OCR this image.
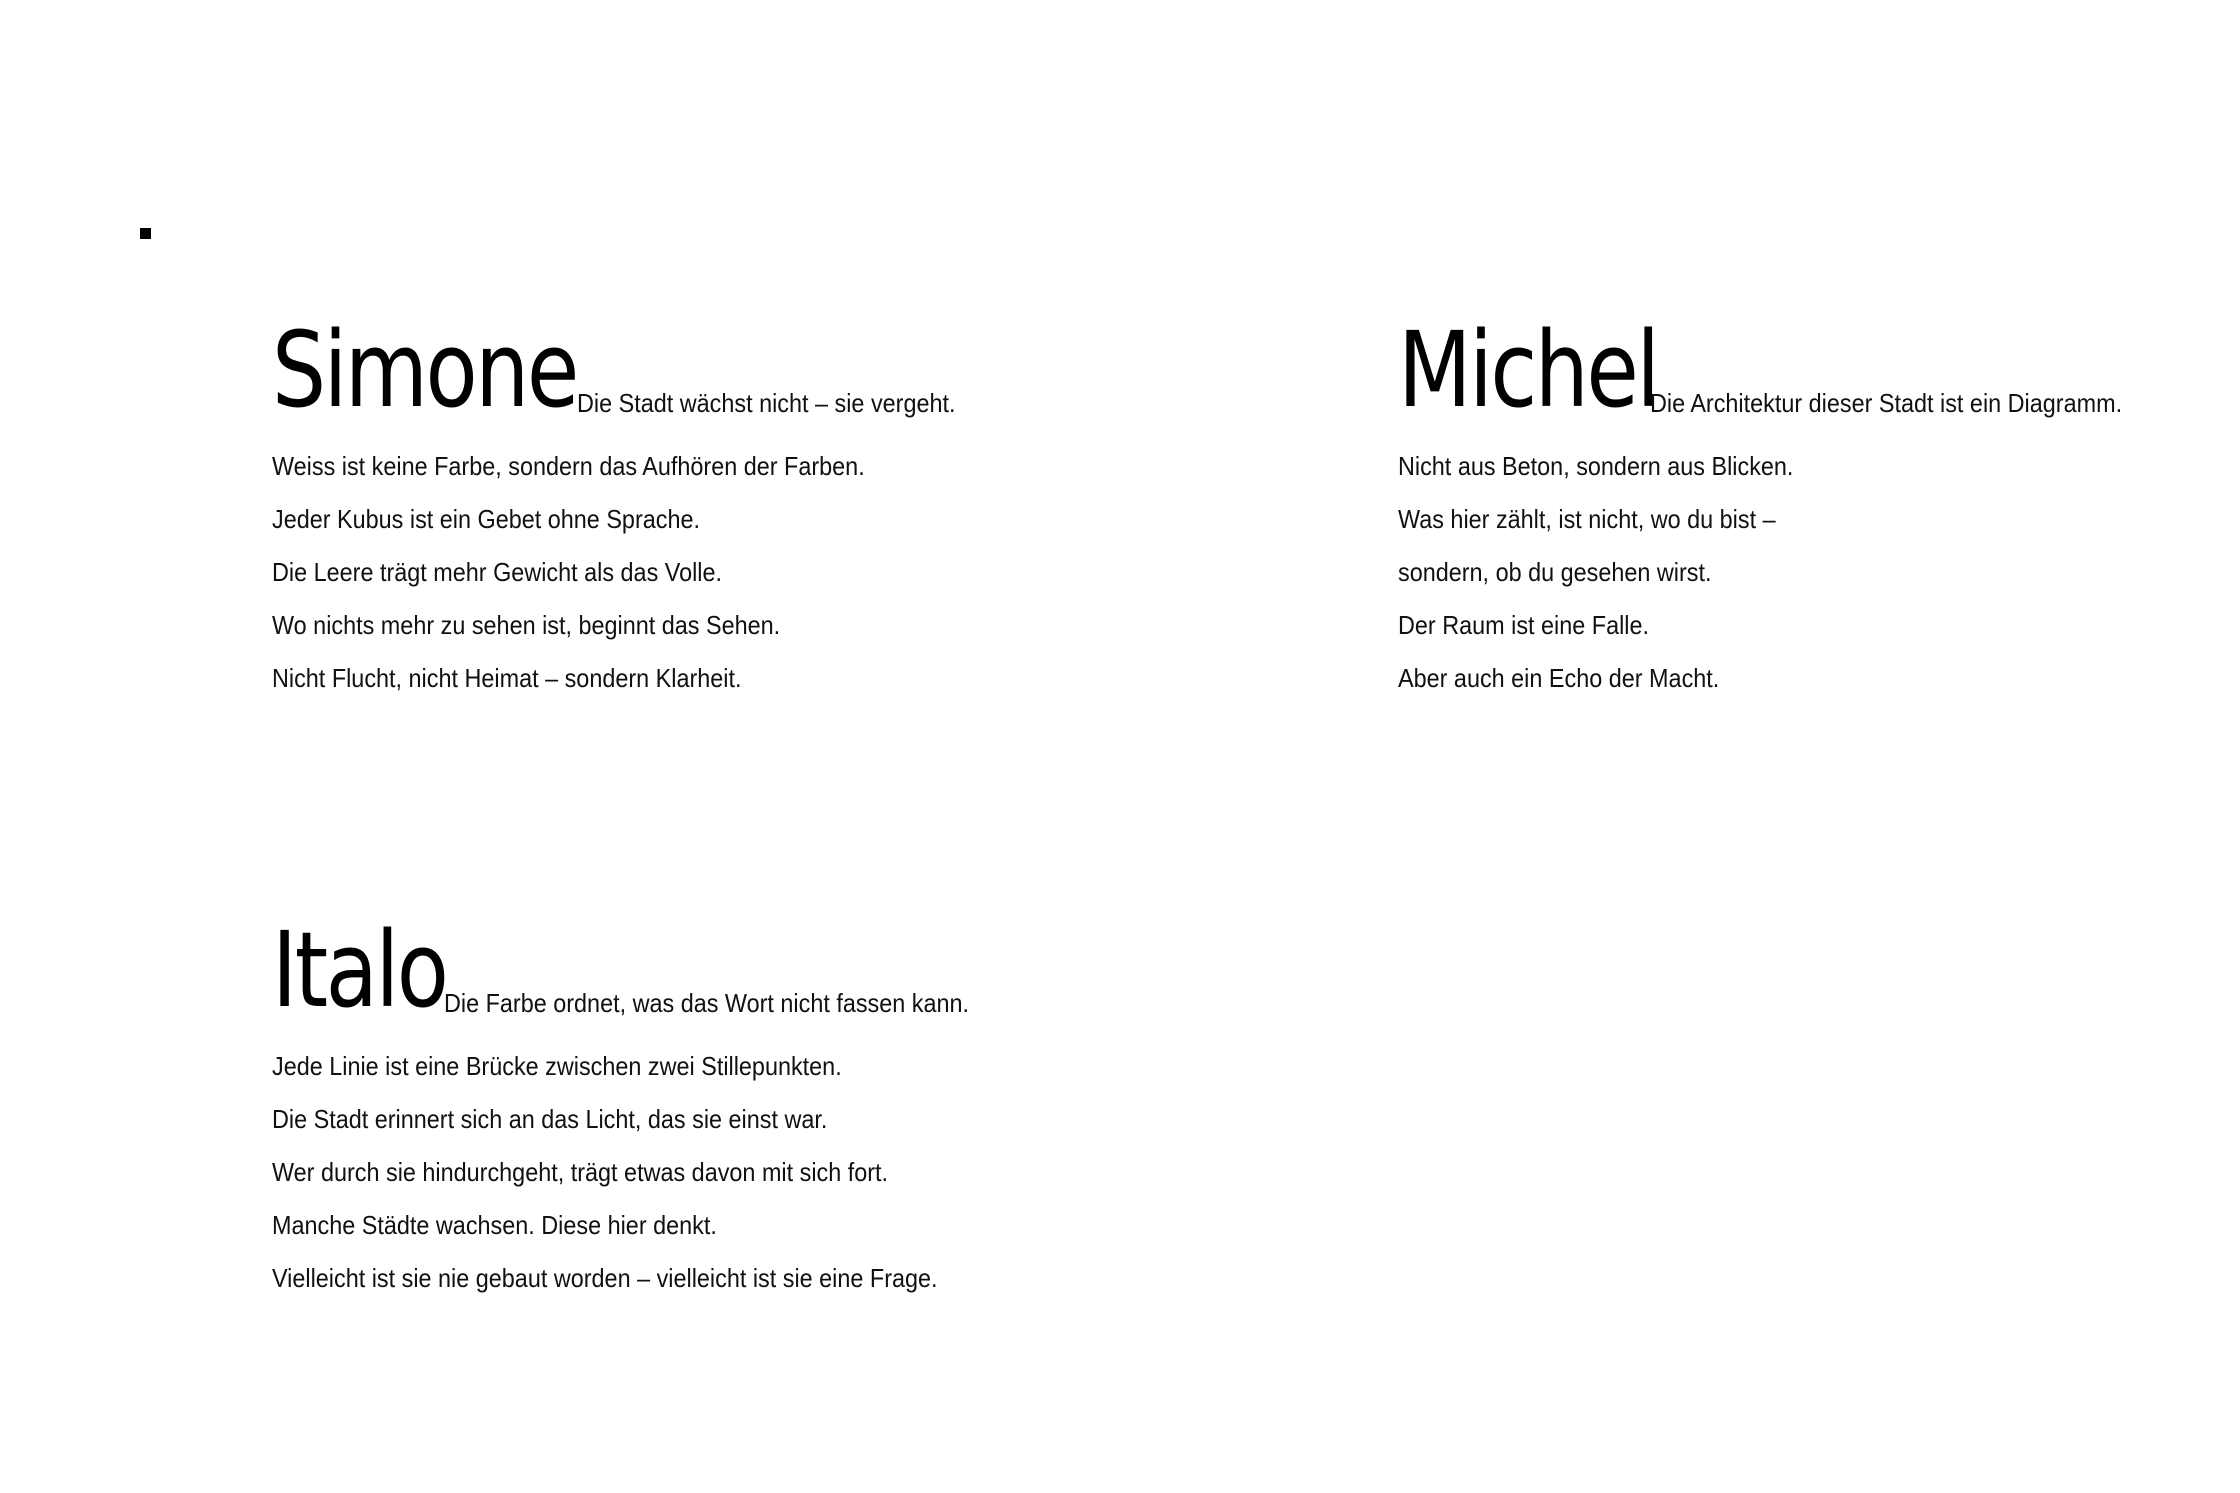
Simone Die Stadt wächst nicht – sie vergeht.
Weiss ist keine Farbe, sondern das Aufhören der Farben.
Jeder Kubus ist ein Gebet ohne Sprache.
Die Leere trägt mehr Gewicht als das Volle.
Wo nichts mehr zu sehen ist, beginnt das Sehen.
Nicht Flucht, nicht Heimat – sondern Klarheit.
Michel
Die Architektur dieser Stadt ist ein Diagramm.
Nicht aus Beton, sondern aus Blicken.
Was hier zählt, ist nicht, wo du bist –
sondern, ob du gesehen wirst.
Der Raum ist eine Falle.
Aber auch ein Echo der Macht.
Italo
Die Farbe ordnet, was das Wort nicht fassen kann.
Jede Linie ist eine Brücke zwischen zwei Stillepunkten.
Die Stadt erinnert sich an das Licht, das sie einst war.
Wer durch sie hindurchgeht, trägt etwas davon mit sich fort.
Manche Städte wachsen. Diese hier denkt.
Vielleicht ist sie nie gebaut worden – vielleicht ist sie eine Frage.
